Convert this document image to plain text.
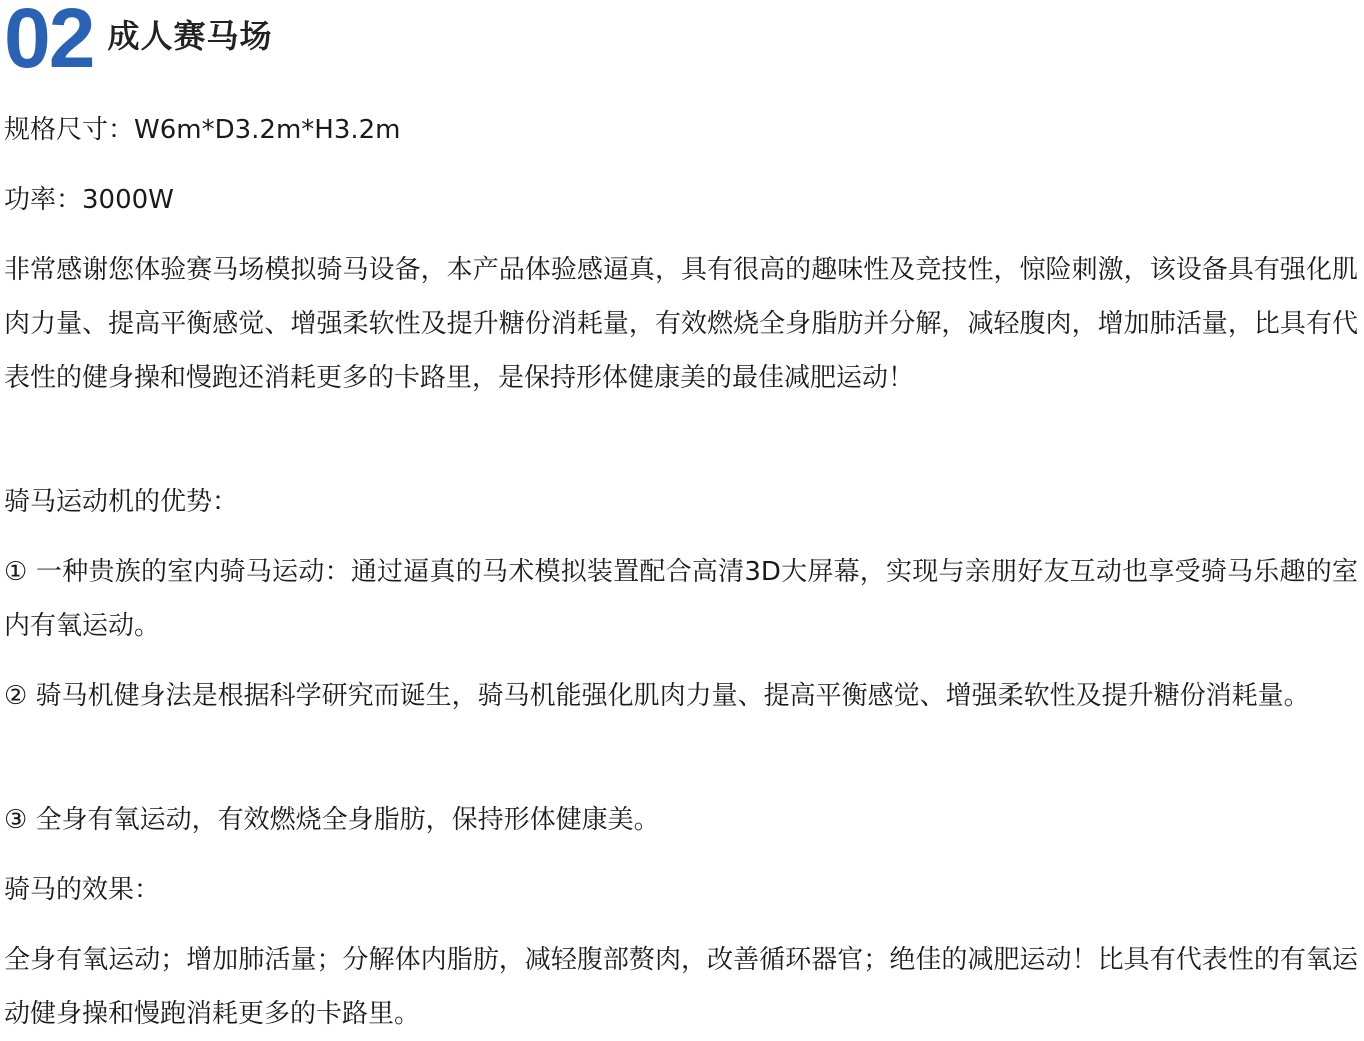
02 成人赛马场

规格尺寸：W6m*D3.2m*H3.2m

功率：3000W

非常感谢您体验赛马场模拟骑马设备，本产品体验感逼真，具有很高的趣味性及竞技性，惊险刺激，该设备具有强化肌肉力量、提高平衡感觉、增强柔软性及提升糖份消耗量，有效燃烧全身脂肪并分解，减轻腹肉，增加肺活量，比具有代表性的健身操和慢跑还消耗更多的卡路里，是保持形体健康美的最佳减肥运动！

骑马运动机的优势：

① 一种贵族的室内骑马运动：通过逼真的马术模拟装置配合高清3D大屏幕，实现与亲朋好友互动也享受骑马乐趣的室内有氧运动。

② 骑马机健身法是根据科学研究而诞生，骑马机能强化肌肉力量、提高平衡感觉、增强柔软性及提升糖份消耗量。

③ 全身有氧运动，有效燃烧全身脂肪，保持形体健康美。

骑马的效果：

全身有氧运动；增加肺活量；分解体内脂肪，减轻腹部赘肉，改善循环器官；绝佳的减肥运动！比具有代表性的有氧运动健身操和慢跑消耗更多的卡路里。
